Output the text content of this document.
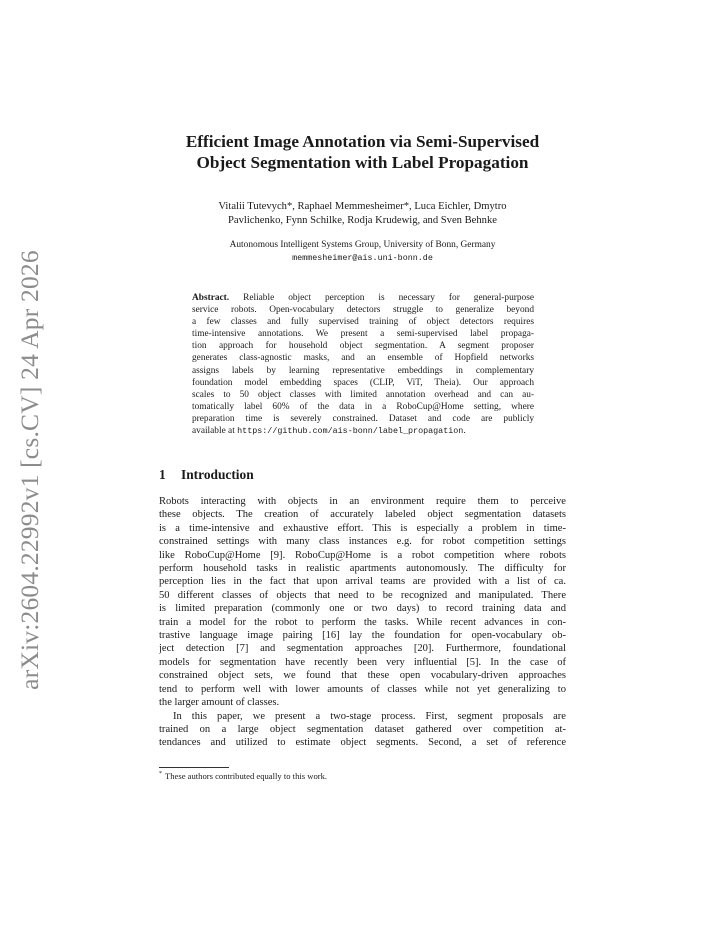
arXiv:2604.22992v1 [cs.CV] 24 Apr 2026
Efficient Image Annotation via Semi-Supervised
Object Segmentation with Label Propagation
Vitalii Tutevych*, Raphael Memmesheimer*, Luca Eichler, Dmytro
Pavlichenko, Fynn Schilke, Rodja Krudewig, and Sven Behnke
Autonomous Intelligent Systems Group, University of Bonn, Germany
memmesheimer@ais.uni-bonn.de
Abstract. Reliable object perception is necessary for general-purpose
service robots. Open-vocabulary detectors struggle to generalize beyond
a few classes and fully supervised training of object detectors requires
time-intensive annotations. We present a semi-supervised label propaga-
tion approach for household object segmentation. A segment proposer
generates class-agnostic masks, and an ensemble of Hopfield networks
assigns labels by learning representative embeddings in complementary
foundation model embedding spaces (CLIP, ViT, Theia). Our approach
scales to 50 object classes with limited annotation overhead and can au-
tomatically label 60% of the data in a RoboCup@Home setting, where
preparation time is severely constrained. Dataset and code are publicly
available at https://github.com/ais-bonn/label_propagation.
1 Introduction
Robots interacting with objects in an environment require them to perceive
these objects. The creation of accurately labeled object segmentation datasets
is a time-intensive and exhaustive effort. This is especially a problem in time-
constrained settings with many class instances e.g. for robot competition settings
like RoboCup@Home [9]. RoboCup@Home is a robot competition where robots
perform household tasks in realistic apartments autonomously. The difficulty for
perception lies in the fact that upon arrival teams are provided with a list of ca.
50 different classes of objects that need to be recognized and manipulated. There
is limited preparation (commonly one or two days) to record training data and
train a model for the robot to perform the tasks. While recent advances in con-
trastive language image pairing [16] lay the foundation for open-vocabulary ob-
ject detection [7] and segmentation approaches [20]. Furthermore, foundational
models for segmentation have recently been very influential [5]. In the case of
constrained object sets, we found that these open vocabulary-driven approaches
tend to perform well with lower amounts of classes while not yet generalizing to
the larger amount of classes.
In this paper, we present a two-stage process. First, segment proposals are
trained on a large object segmentation dataset gathered over competition at-
tendances and utilized to estimate object segments. Second, a set of reference
* These authors contributed equally to this work.
